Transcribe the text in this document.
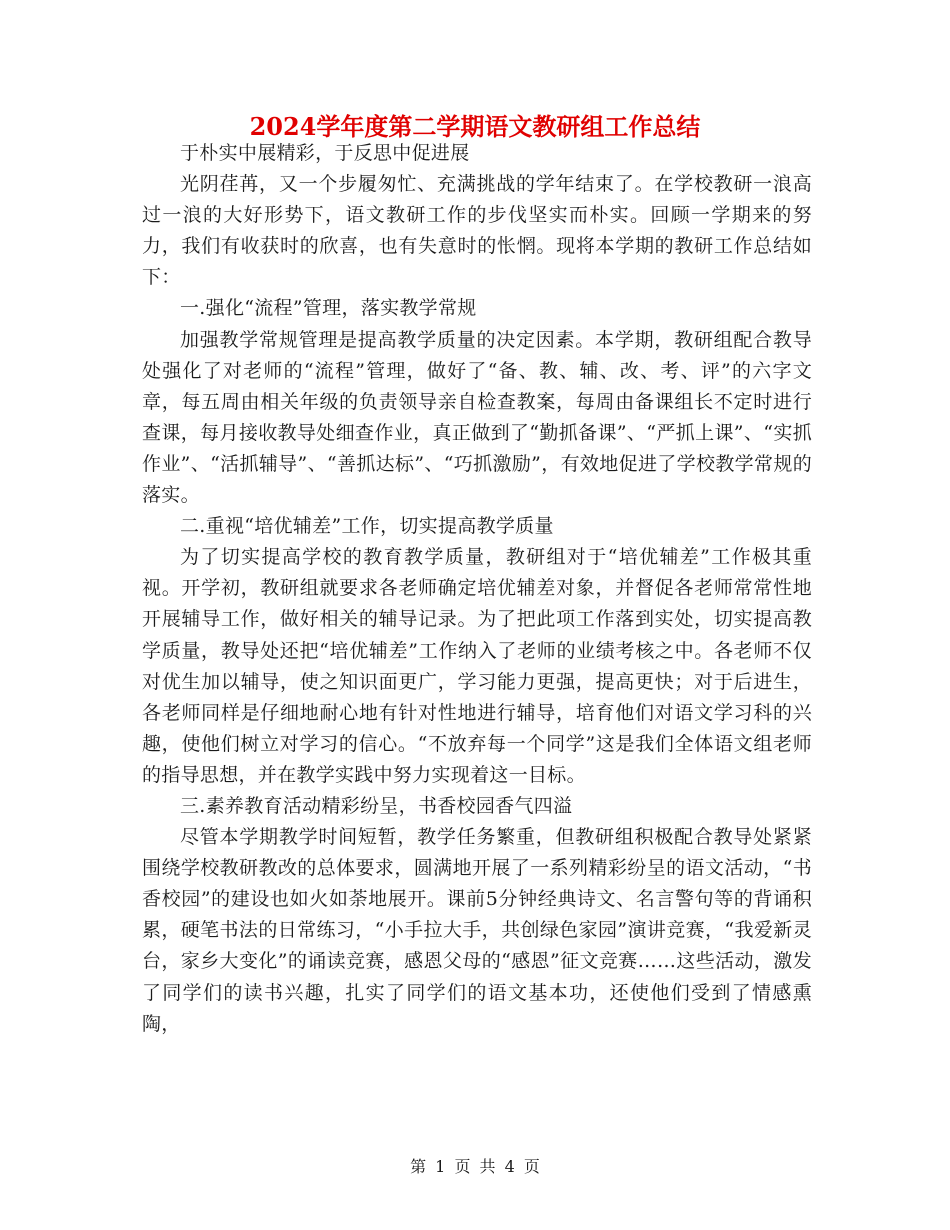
2024学年度第二学期语文教研组工作总结

于朴实中展精彩，于反思中促进展

光阴荏苒，又一个步履匆忙、充满挑战的学年结束了。在学校教研一浪高过一浪的大好形势下，语文教研工作的步伐坚实而朴实。回顾一学期来的努力，我们有收获时的欣喜，也有失意时的怅惘。现将本学期的教研工作总结如下：

一.强化“流程”管理，落实教学常规

加强教学常规管理是提高教学质量的决定因素。本学期，教研组配合教导处强化了对老师的“流程”管理，做好了“备、教、辅、改、考、评”的六字文章，每五周由相关年级的负责领导亲自检查教案，每周由备课组长不定时进行查课，每月接收教导处细查作业，真正做到了“勤抓备课”、“严抓上课”、“实抓作业”、“活抓辅导”、“善抓达标”、“巧抓激励”，有效地促进了学校教学常规的落实。

二.重视“培优辅差”工作，切实提高教学质量

为了切实提高学校的教育教学质量，教研组对于“培优辅差”工作极其重视。开学初，教研组就要求各老师确定培优辅差对象，并督促各老师常常性地开展辅导工作，做好相关的辅导记录。为了把此项工作落到实处，切实提高教学质量，教导处还把“培优辅差”工作纳入了老师的业绩考核之中。各老师不仅对优生加以辅导，使之知识面更广，学习能力更强，提高更快；对于后进生，各老师同样是仔细地耐心地有针对性地进行辅导，培育他们对语文学习科的兴趣，使他们树立对学习的信心。“不放弃每一个同学”这是我们全体语文组老师的指导思想，并在教学实践中努力实现着这一目标。

三.素养教育活动精彩纷呈，书香校园香气四溢

尽管本学期教学时间短暂，教学任务繁重，但教研组积极配合教导处紧紧围绕学校教研教改的总体要求，圆满地开展了一系列精彩纷呈的语文活动，“书香校园”的建设也如火如荼地展开。课前5分钟经典诗文、名言警句等的背诵积累，硬笔书法的日常练习，“小手拉大手，共创绿色家园”演讲竞赛，“我爱新灵台，家乡大变化”的诵读竞赛，感恩父母的“感恩”征文竞赛……这些活动，激发了同学们的读书兴趣，扎实了同学们的语文基本功，还使他们受到了情感熏陶，

第 1 页 共 4 页
